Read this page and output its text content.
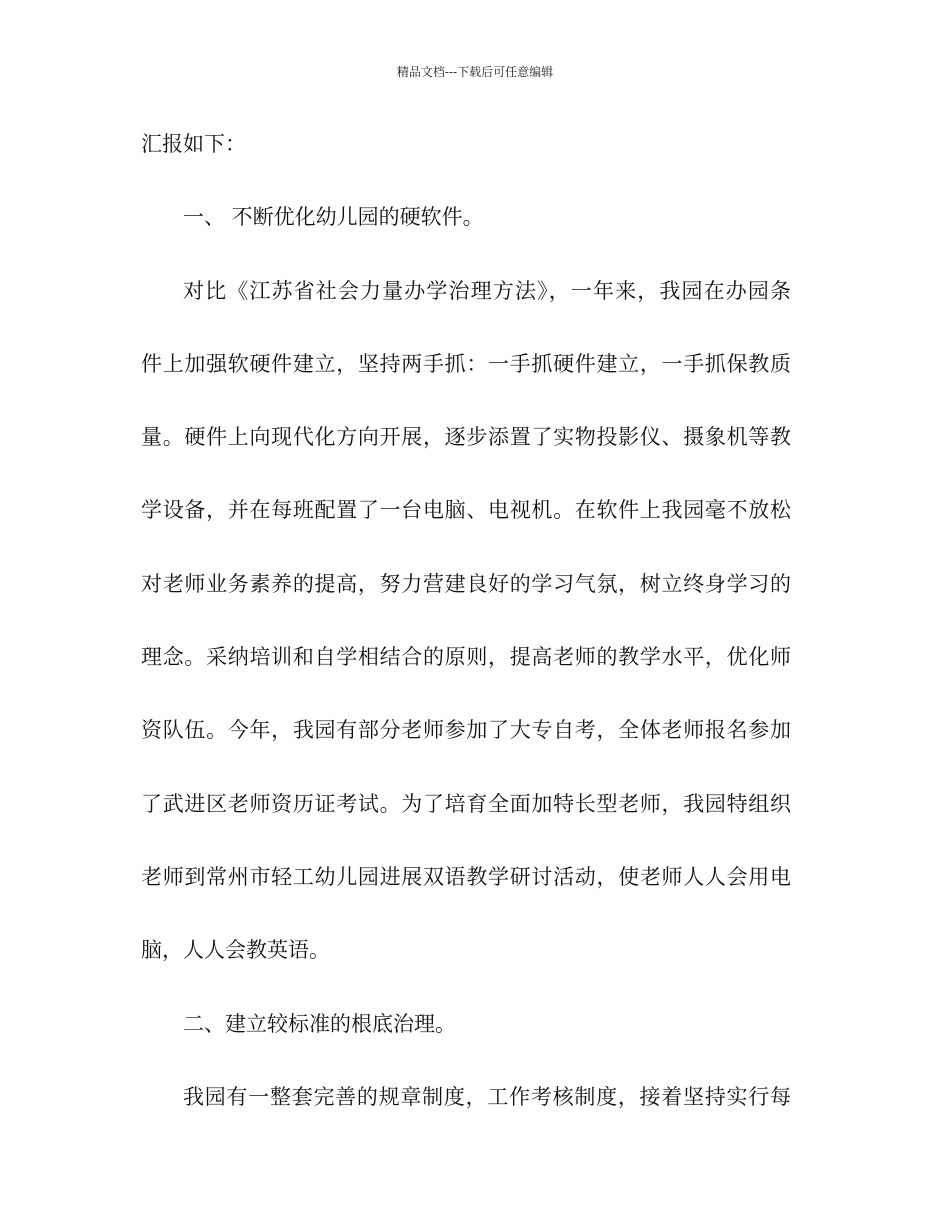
精品文档---下载后可任意编辑
汇报如下：
一、 不断优化幼儿园的硬软件。
对比《江苏省社会力量办学治理方法》，一年来，我园在办园条
件上加强软硬件建立，坚持两手抓：一手抓硬件建立，一手抓保教质
量。硬件上向现代化方向开展，逐步添置了实物投影仪、摄象机等教
学设备，并在每班配置了一台电脑、电视机。在软件上我园毫不放松
对老师业务素养的提高，努力营建良好的学习气氛，树立终身学习的
理念。采纳培训和自学相结合的原则，提高老师的教学水平，优化师
资队伍。今年，我园有部分老师参加了大专自考，全体老师报名参加
了武进区老师资历证考试。为了培育全面加特长型老师，我园特组织
老师到常州市轻工幼儿园进展双语教学研讨活动，使老师人人会用电
脑，人人会教英语。
二、建立较标准的根底治理。
我园有一整套完善的规章制度，工作考核制度，接着坚持实行每
